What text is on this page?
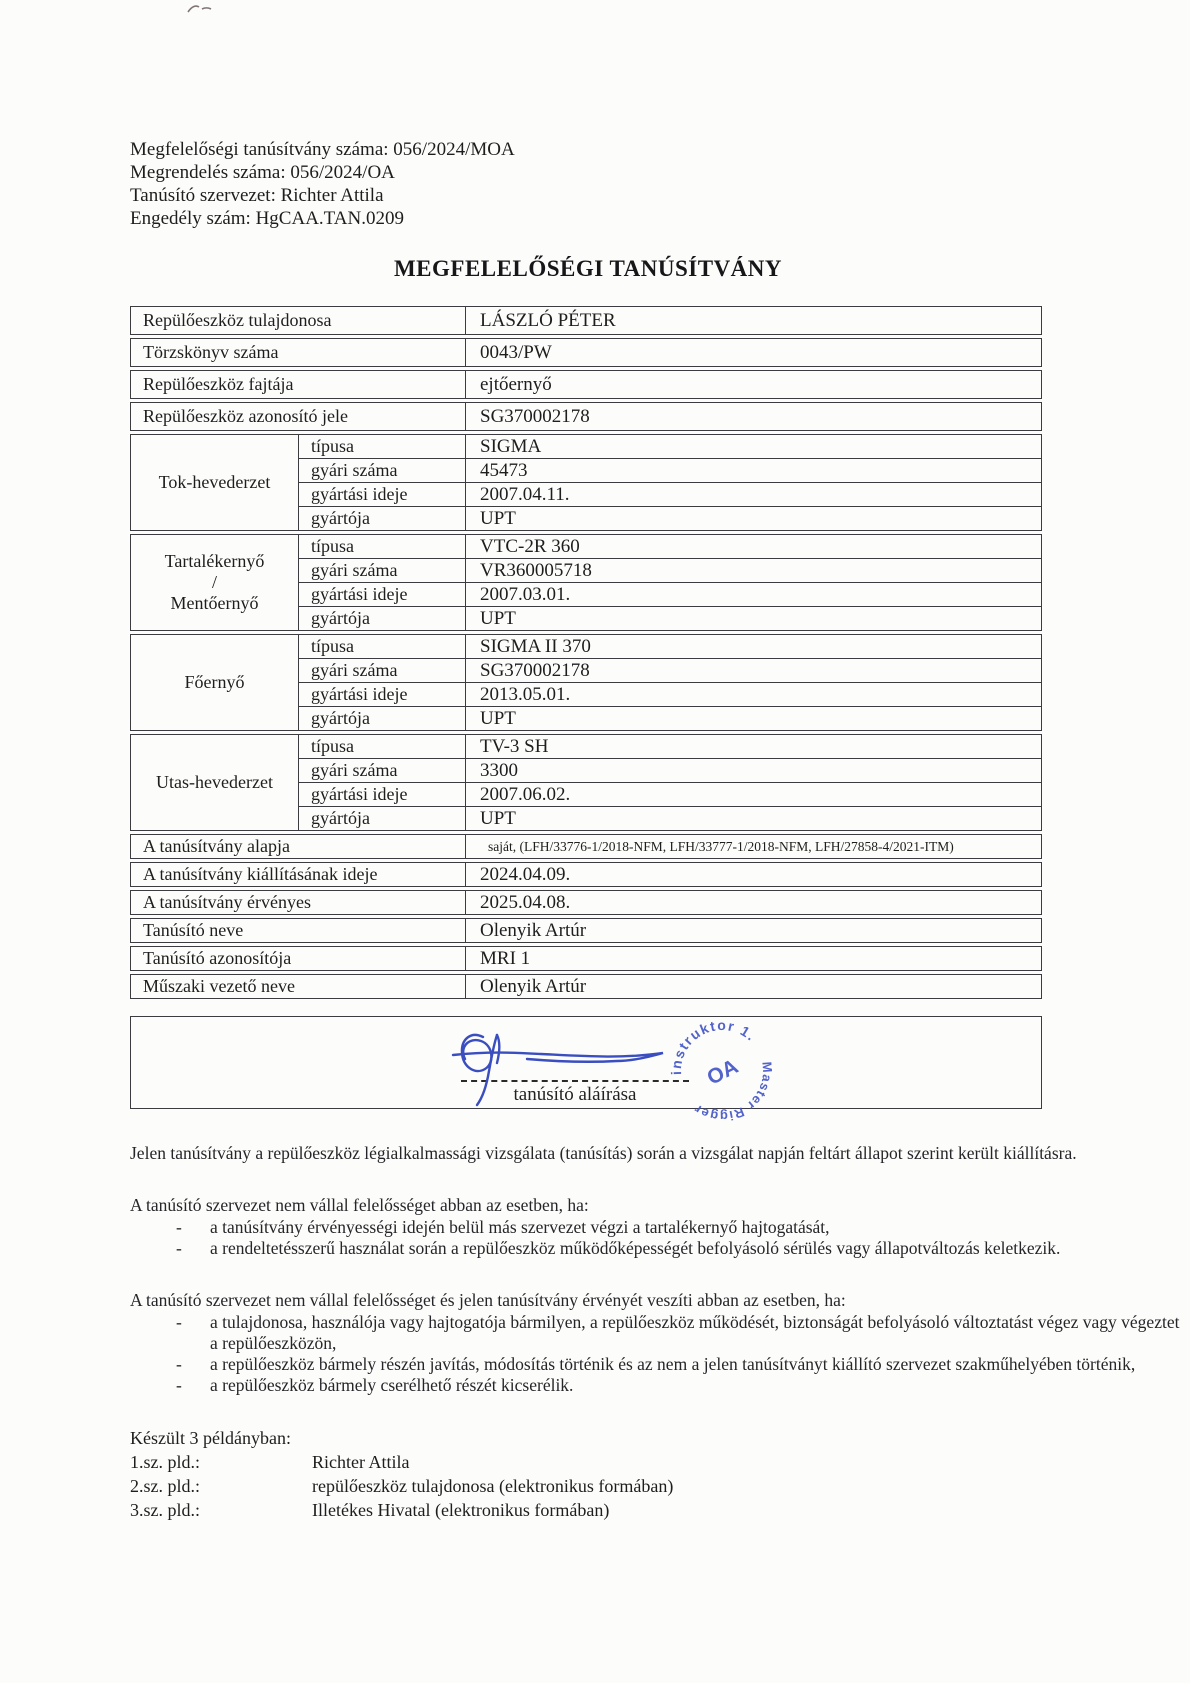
Megfelelőségi tanúsítvány száma: 056/2024/MOA
Megrendelés száma: 056/2024/OA
Tanúsító szervezet: Richter Attila
Engedély szám: HgCAA.TAN.0209
MEGFELELŐSÉGI TANÚSÍTVÁNY
Repülőeszköz tulajdonosa	LÁSZLÓ PÉTER
Törzskönyv száma	0043/PW
Repülőeszköz fajtája	ejtőernyő
Repülőeszköz azonosító jele	SG370002178
Tok-hevederzet
típusa	SIGMA
gyári száma	45473
gyártási ideje	2007.04.11.
gyártója	UPT
Tartalékernyő
/
Mentőernyő
típusa	VTC-2R 360
gyári száma	VR360005718
gyártási ideje	2007.03.01.
gyártója	UPT
Főernyő
típusa	SIGMA II 370
gyári száma	SG370002178
gyártási ideje	2013.05.01.
gyártója	UPT
Utas-hevederzet
típusa	TV-3 SH
gyári száma	3300
gyártási ideje	2007.06.02.
gyártója	UPT
A tanúsítvány alapja	saját, (LFH/33776-1/2018-NFM, LFH/33777-1/2018-NFM, LFH/27858-4/2021-ITM)
A tanúsítvány kiállításának ideje	2024.04.09.
A tanúsítvány érvényes	2025.04.08.
Tanúsító neve	Olenyik Artúr
Tanúsító azonosítója	MRI 1
Műszaki vezető neve	Olenyik Artúr
tanúsító aláírása
instruktor 1.
Master Rigger
OA
Jelen tanúsítvány a repülőeszköz légialkalmassági vizsgálata (tanúsítás) során a vizsgálat napján feltárt állapot szerint került kiállításra.
A tanúsító szervezet nem vállal felelősséget abban az esetben, ha:
-	a tanúsítvány érvényességi idején belül más szervezet végzi a tartalékernyő hajtogatását,
-	a rendeltetésszerű használat során a repülőeszköz működőképességét befolyásoló sérülés vagy állapotváltozás keletkezik.
A tanúsító szervezet nem vállal felelősséget és jelen tanúsítvány érvényét veszíti abban az esetben, ha:
-	a tulajdonosa, használója vagy hajtogatója bármilyen, a repülőeszköz működését, biztonságát befolyásoló változtatást végez vagy végeztet a repülőeszközön,
-	a repülőeszköz bármely részén javítás, módosítás történik és az nem a jelen tanúsítványt kiállító szervezet szakműhelyében történik,
-	a repülőeszköz bármely cserélhető részét kicserélik.
Készült 3 példányban:
1.sz. pld.:	Richter Attila
2.sz. pld.:	repülőeszköz tulajdonosa (elektronikus formában)
3.sz. pld.:	Illetékes Hivatal (elektronikus formában)
